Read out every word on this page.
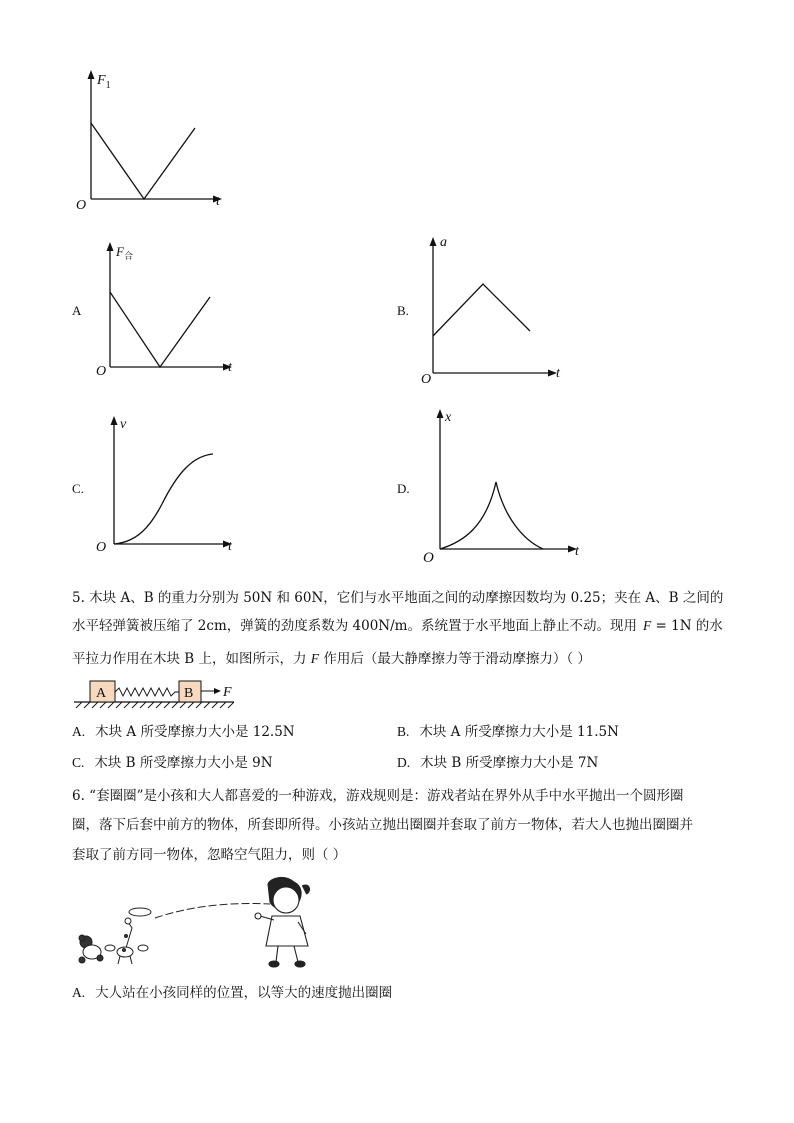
$F_1$
t
O
A
$F_合$
t
O
B.
a
t
O
C.
v
t
O
D.
x
t
O
5. 木块 A、B 的重力分别为 50N 和 60N，它们与水平地面之间的动摩擦因数均为 0.25；夹在 A、B 之间的
水平轻弹簧被压缩了 2cm，弹簧的劲度系数为 400N/m。系统置于水平地面上静止不动。现用 F = 1N 的水
平拉力作用在木块 B 上，如图所示，力 F 作用后（最大静摩擦力等于滑动摩擦力）（ ）
A	B F
A. 木块 A 所受摩擦力大小是 12.5N	B. 木块 A 所受摩擦力大小是 11.5N
C. 木块 B 所受摩擦力大小是 9N	D. 木块 B 所受摩擦力大小是 7N
6. “套圈圈”是小孩和大人都喜爱的一种游戏，游戏规则是：游戏者站在界外从手中水平抛出一个圆形圈
圈，落下后套中前方的物体，所套即所得。小孩站立抛出圈圈并套取了前方一物体，若大人也抛出圈圈并
套取了前方同一物体，忽略空气阻力，则（ ）
A. 大人站在小孩同样的位置，以等大的速度抛出圈圈
